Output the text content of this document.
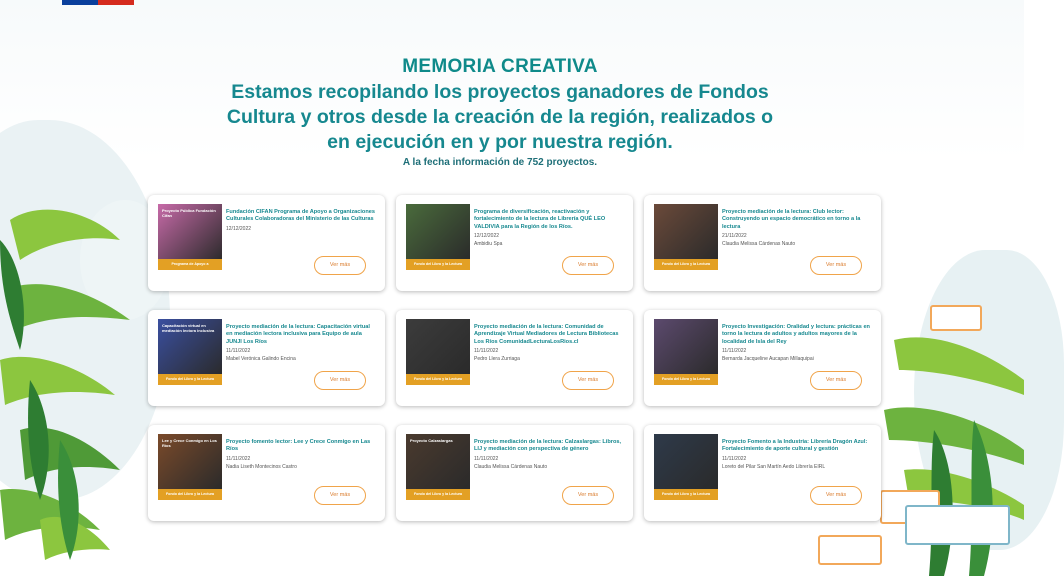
MEMORIA CREATIVA
Estamos recopilando los proyectos ganadores de Fondos
Cultura y otros desde la creación de la región, realizados o
en ejecución en y por nuestra región.
A la fecha información de 752 proyectos.
Proyecto Pública Fundación Cifan
Programa de Apoyo a Organizaciones Culturales Colaboradoras (PAOCC)
Fundación CIFAN Programa de Apoyo a Organizaciones Culturales Colaboradoras del Ministerio de las Culturas
12/12/2022
Ver más	Fondo del Libro y la Lectura
Programa de diversificación, reactivación y fortalecimiento de la lectura de Librería QUÉ LEO VALDIVIA para la Región de los Ríos.
12/12/2022
Ambidiu Spa
Ver más	Fondo del Libro y la Lectura
Proyecto mediación de la lectura: Club lector: Construyendo un espacio democrático en torno a la lectura
21/11/2022
Claudia Melissa Cárdenas Nauto
Ver más
Capacitación virtual en mediación lectora inclusiva
Fondo del Libro y la Lectura
Proyecto mediación de la lectura: Capacitación virtual en mediación lectora inclusiva para Equipo de aula JUNJI Los Ríos
11/11/2022
Mabel Verónica Galindo Encina
Ver más	Fondo del Libro y la Lectura
Proyecto mediación de la lectura: Comunidad de Aprendizaje Virtual Mediadores de Lectura Bibliotecas Los Ríos ComunidadLecturaLosRios.cl
11/11/2022
Pedro Llera Zurriaga
Ver más	Fondo del Libro y la Lectura
Proyecto Investigación: Oralidad y lectura: prácticas en torno la lectura de adultos y adultos mayores de la localidad de Isla del Rey
11/11/2022
Bernarda Jacqueline Aucapan Millaquipai
Ver más
Lee y Crece Conmigo en Los Ríos
Fondo del Libro y la Lectura
Proyecto fomento lector: Lee y Crece Conmigo en Las Ríos
11/11/2022
Nadia Liseth Montecinos Castro
Ver más
Proyecto Calzaslargas
Fondo del Libro y la Lectura
Proyecto mediación de la lectura: Calzaslargas: Libros, LIJ y mediación con perspectiva de género
11/11/2022
Claudia Melissa Cárdenas Nauto
Ver más	Fondo del Libro y la Lectura
Proyecto Fomento a la Industria: Librería Dragón Azul: Fortalecimiento de aporte cultural y gestión
11/11/2022
Loreto del Pilar San Martín Aedo Librería EIRL
Ver más
